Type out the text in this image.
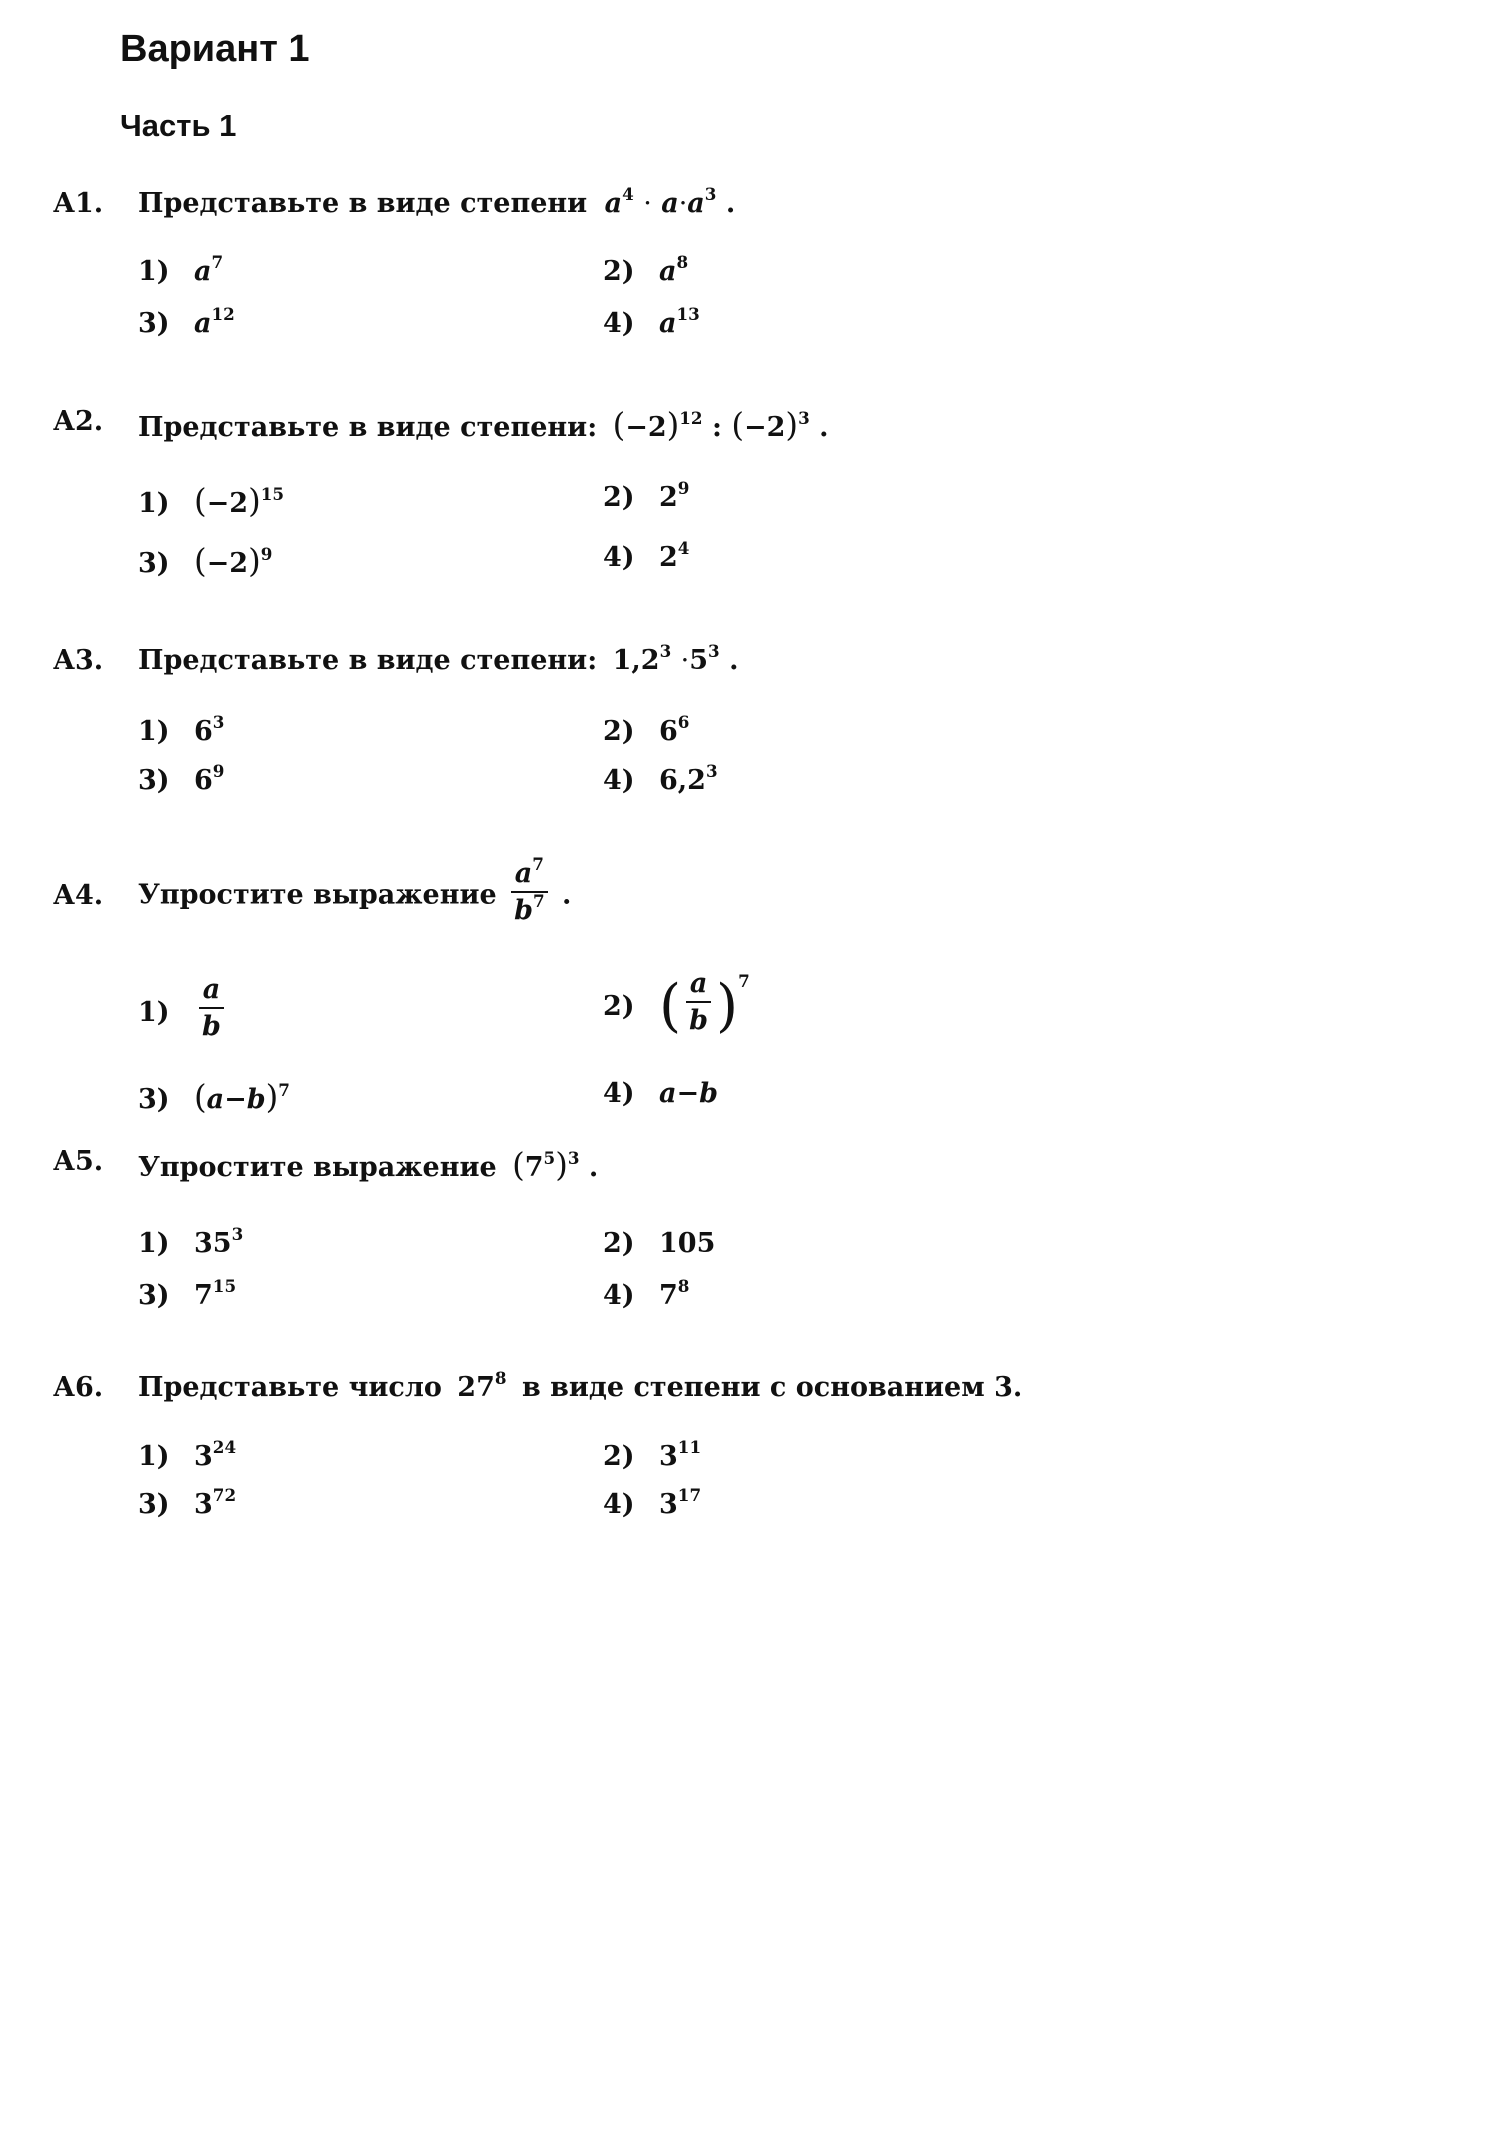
Вариант 1
Часть 1
А1. Представьте в виде степени $a^4 \cdot a\cdot a^3$ .
1) $a^7$	2) $a^8$
3) $a^{12}$	4) $a^{13}$
А2. Представьте в виде степени: $(-2)^{12}$ : $(-2)^3$ .
1) $(-2)^{15}$	2) $2^9$
3) $(-2)^9$	4) $2^4$
А3. Представьте в виде степени: $1,2^3 \cdot 5^3$ .
1) $6^3$	2) $6^6$
3) $6^9$	4) $6,2^3$
А4. Упростите выражение $\frac{a^7}{b^7}$ .
$1) \frac{a}{b}$	2) ( $\frac{a}{b} )^7$
3) $(a-b)^7$	4) a−b
А5. Упростите выражение $(7^5)^3$ .
1) $35^3$	2) 105
3) $7^{15}$	4) $7^8$
А6. Представьте число $27^8$ в виде степени с основанием 3.
1) $3^{24}$	2) $3^{11}$
3) $3^{72}$	4) $3^{17}$
